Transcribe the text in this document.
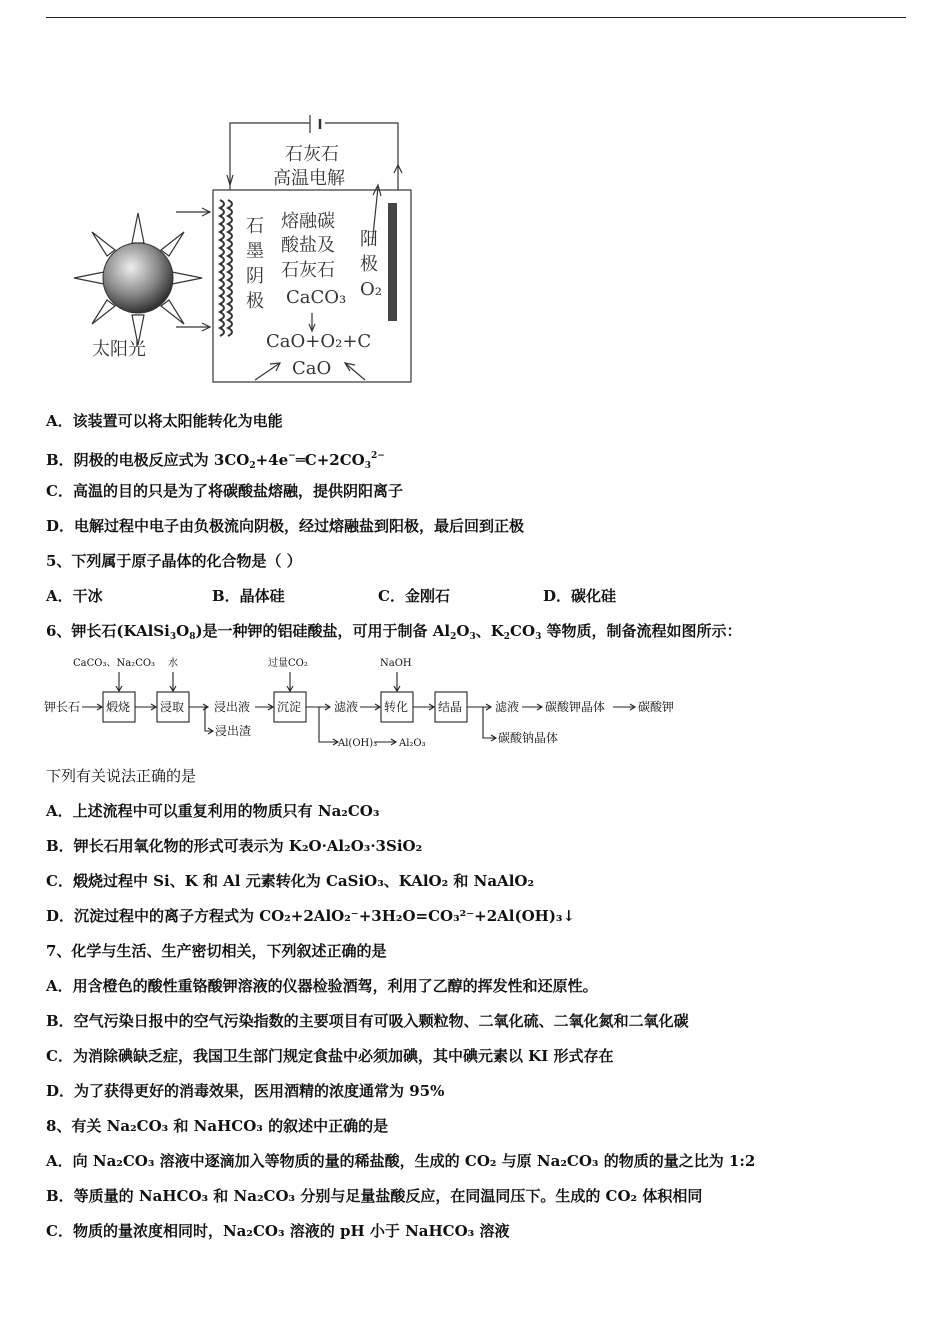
石灰石
高温电解
石
墨
阴
极
熔融碳
酸盐及
石灰石
CaCO₃
阳
极
O₂
CaO+O₂+C
CaO
太阳光
A．该装置可以将太阳能转化为电能
B．阴极的电极反应式为 $3CO_2+4e^-═C+2CO_3^{2-}$
C．高温的目的只是为了将碳酸盐熔融，提供阴阳离子
D．电解过程中电子由负极流向阴极，经过熔融盐到阳极，最后回到正极
5、下列属于原子晶体的化合物是（ ）
A．干冰	B．晶体硅	C．金刚石	D．碳化硅
6、钾长石$(KAlSi_3O_8)$是一种钾的铝硅酸盐，可用于制备 $Al_2O_3$、$K_2CO_3$ 等物质，制备流程如图所示：
钾长石 煅烧 浸取	沉淀	转化 结晶
浸出液
浸出渣
滤液	滤液 碳酸钾晶体	碳酸钾
碳酸钠晶体
CaCO₃、Na₂CO₃ 水	过量CO₂	NaOH
Al(OH)₃ Al₂O₃
下列有关说法正确的是
A．上述流程中可以重复利用的物质只有 Na₂CO₃
B．钾长石用氧化物的形式可表示为 K₂O·Al₂O₃·3SiO₂
C．煅烧过程中 Si、K 和 Al 元素转化为 CaSiO₃、KAlO₂ 和 NaAlO₂
D．沉淀过程中的离子方程式为 CO₂+2AlO₂⁻+3H₂O=CO₃²⁻+2Al(OH)₃↓
7、化学与生活、生产密切相关，下列叙述正确的是
A．用含橙色的酸性重铬酸钾溶液的仪器检验酒驾，利用了乙醇的挥发性和还原性。
B．空气污染日报中的空气污染指数的主要项目有可吸入颗粒物、二氧化硫、二氧化氮和二氧化碳
C．为消除碘缺乏症，我国卫生部门规定食盐中必须加碘，其中碘元素以 KI 形式存在
D．为了获得更好的消毒效果，医用酒精的浓度通常为 95%
8、有关 Na₂CO₃ 和 NaHCO₃ 的叙述中正确的是
A．向 Na₂CO₃ 溶液中逐滴加入等物质的量的稀盐酸，生成的 CO₂ 与原 Na₂CO₃ 的物质的量之比为 1:2
B．等质量的 NaHCO₃ 和 Na₂CO₃ 分别与足量盐酸反应，在同温同压下。生成的 CO₂ 体积相同
C．物质的量浓度相同时，Na₂CO₃ 溶液的 pH 小于 NaHCO₃ 溶液
